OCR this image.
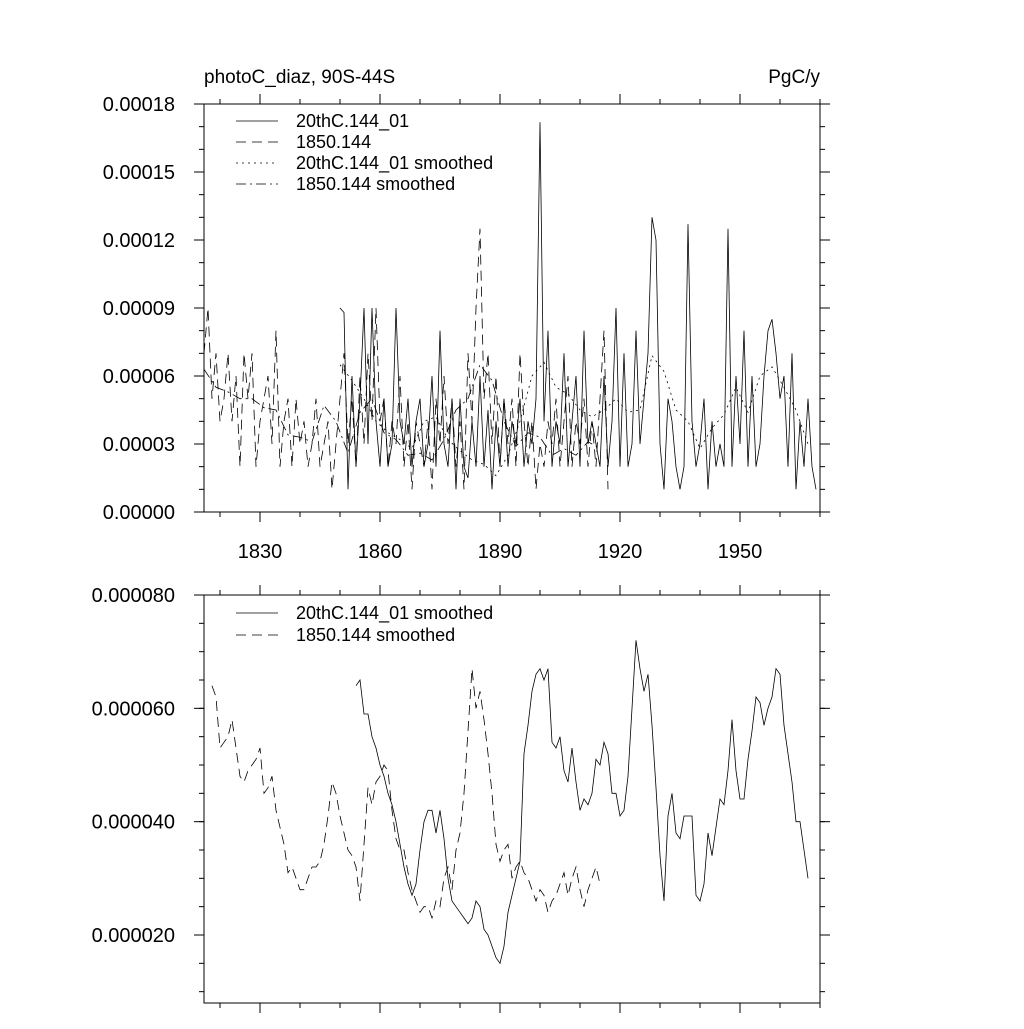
photoC_diaz, 90S-44S	PgC/y
1830	1860	1890	1920	1950
0.00000
0.00003
0.00006
0.00009
0.00012
0.00015
0.00018
20thC.144_01
1850.144
20thC.144_01 smoothed
1850.144 smoothed
0.000020
0.000040
0.000060
0.000080
20thC.144_01 smoothed
1850.144 smoothed
